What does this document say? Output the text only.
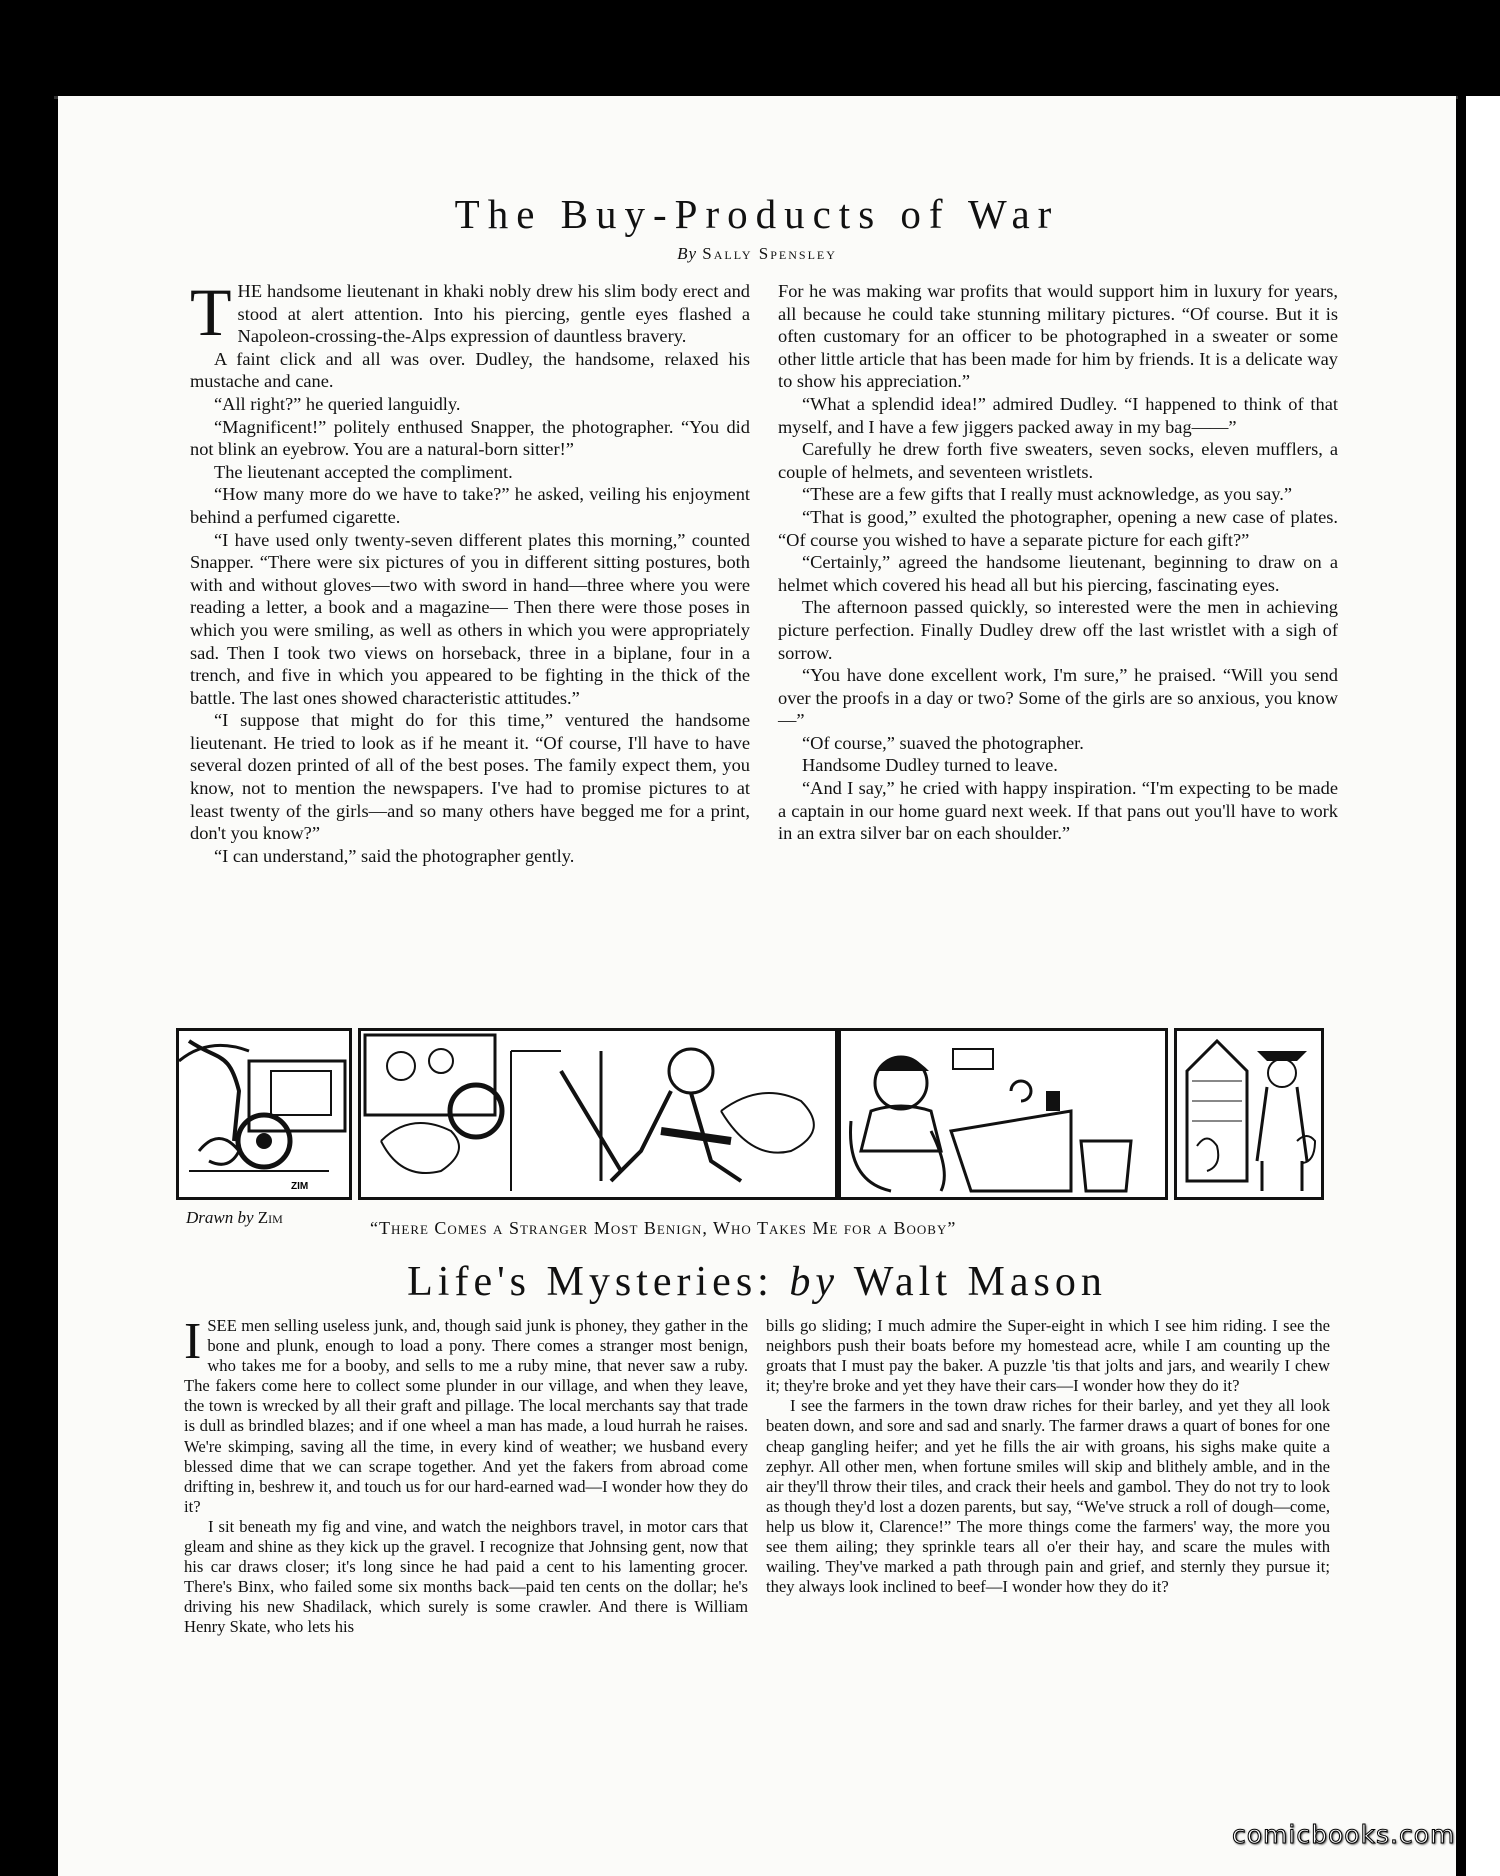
The Buy-Products of War
By Sally Spensley
T HE handsome lieutenant in khaki nobly drew his slim body erect and stood at alert attention. Into his piercing, gentle eyes flashed a Napoleon-crossing-the-Alps expression of dauntless bravery.

A faint click and all was over. Dudley, the handsome, relaxed his mustache and cane.

“All right?” he queried languidly.

“Magnificent!” politely enthused Snapper, the photographer. “You did not blink an eyebrow. You are a natural-born sitter!”

The lieutenant accepted the compliment.

“How many more do we have to take?” he asked, veiling his enjoyment behind a perfumed cigarette.

“I have used only twenty-seven different plates this morning,” counted Snapper. “There were six pictures of you in different sitting postures, both with and without gloves—two with sword in hand—three where you were reading a letter, a book and a magazine— Then there were those poses in which you were smiling, as well as others in which you were appropriately sad. Then I took two views on horseback, three in a biplane, four in a trench, and five in which you appeared to be fighting in the thick of the battle. The last ones showed characteristic attitudes.”

“I suppose that might do for this time,” ventured the handsome lieutenant. He tried to look as if he meant it. “Of course, I'll have to have several dozen printed of all of the best poses. The family expect them, you know, not to mention the newspapers. I've had to promise pictures to at least twenty of the girls—and so many others have begged me for a print, don't you know?”

“I can understand,” said the photographer gently.

For he was making war profits that would support him in luxury for years, all because he could take stunning military pictures. “Of course. But it is often customary for an officer to be photographed in a sweater or some other little article that has been made for him by friends. It is a delicate way to show his appreciation.”

“What a splendid idea!” admired Dudley. “I happened to think of that myself, and I have a few jiggers packed away in my bag——”

Carefully he drew forth five sweaters, seven socks, eleven mufflers, a couple of helmets, and seventeen wristlets.

“These are a few gifts that I really must acknowledge, as you say.”

“That is good,” exulted the photographer, opening a new case of plates. “Of course you wished to have a separate picture for each gift?”

“Certainly,” agreed the handsome lieutenant, beginning to draw on a helmet which covered his head all but his piercing, fascinating eyes.

The afternoon passed quickly, so interested were the men in achieving picture perfection. Finally Dudley drew off the last wristlet with a sigh of sorrow.

“You have done excellent work, I'm sure,” he praised. “Will you send over the proofs in a day or two? Some of the girls are so anxious, you know—”

“Of course,” suaved the photographer.

Handsome Dudley turned to leave.

“And I say,” he cried with happy inspiration. “I'm expecting to be made a captain in our home guard next week. If that pans out you'll have to work in an extra silver bar on each shoulder.”

ZIM
Drawn by Zim
“There Comes a Stranger Most Benign, Who Takes Me for a Booby”
Life's Mysteries: by Walt Mason
I SEE men selling useless junk, and, though said junk is phoney, they gather in the bone and plunk, enough to load a pony. There comes a stranger most benign, who takes me for a booby, and sells to me a ruby mine, that never saw a ruby. The fakers come here to collect some plunder in our village, and when they leave, the town is wrecked by all their graft and pillage. The local merchants say that trade is dull as brindled blazes; and if one wheel a man has made, a loud hurrah he raises. We're skimping, saving all the time, in every kind of weather; we husband every blessed dime that we can scrape together. And yet the fakers from abroad come drifting in, beshrew it, and touch us for our hard-earned wad—I wonder how they do it?

I sit beneath my fig and vine, and watch the neighbors travel, in motor cars that gleam and shine as they kick up the gravel. I recognize that Johnsing gent, now that his car draws closer; it's long since he had paid a cent to his lamenting grocer. There's Binx, who failed some six months back—paid ten cents on the dollar; he's driving his new Shadilack, which surely is some crawler. And there is William Henry Skate, who lets his

bills go sliding; I much admire the Super-eight in which I see him riding. I see the neighbors push their boats before my homestead acre, while I am counting up the groats that I must pay the baker. A puzzle 'tis that jolts and jars, and wearily I chew it; they're broke and yet they have their cars—I wonder how they do it?

I see the farmers in the town draw riches for their barley, and yet they all look beaten down, and sore and sad and snarly. The farmer draws a quart of bones for one cheap gangling heifer; and yet he fills the air with groans, his sighs make quite a zephyr. All other men, when fortune smiles will skip and blithely amble, and in the air they'll throw their tiles, and crack their heels and gambol. They do not try to look as though they'd lost a dozen parents, but say, “We've struck a roll of dough—come, help us blow it, Clarence!” The more things come the farmers' way, the more you see them ailing; they sprinkle tears all o'er their hay, and scare the mules with wailing. They've marked a path through pain and grief, and sternly they pursue it; they always look inclined to beef—I wonder how they do it?

comicbooks.com
